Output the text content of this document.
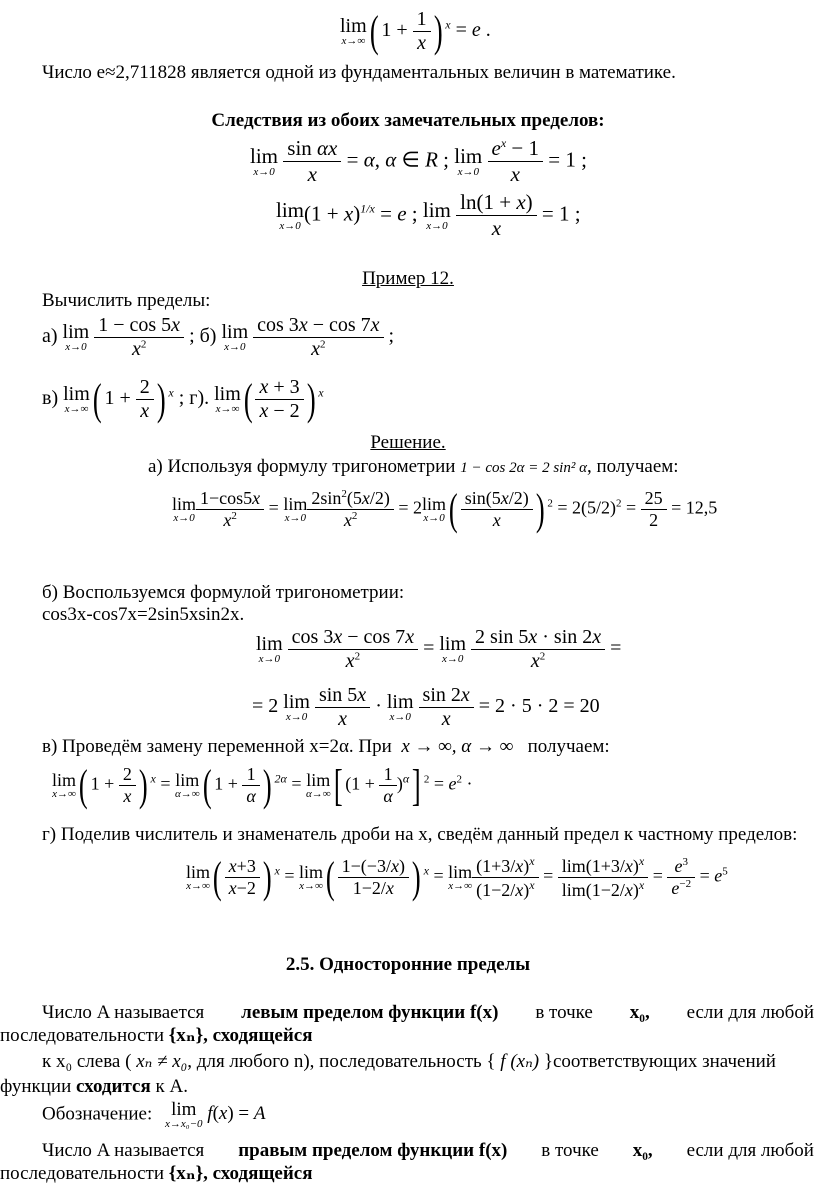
lim
x→∞ ( $1 + \frac{1}{x}$ ) $^x$ = e .
Число e≈2,711828 является одной из фундаментальных величин в математике.
Следствия из обоих замечательных пределов:
lim
x→0
$\frac{\text{sin αx}}{x} = \alpha$, α ∈ R ; lim
x→0
$\frac{e^x - 1}{x} = 1$ ;
lim
x→0
$(1 + x)^{1/x} = e$ ; lim
x→0
$\frac{\ln(1 + x)}{x} = 1$ ;
Пример 12.
Вычислить пределы:
а) lim
x→0
$\frac{1 - \cos 5x}{x^2}$ ; б) lim
x→0
$\frac{\cos 3x - \cos 7x}{x^2}$ ;
в) lim
x→∞ ( $1 + \frac{2}{x}$ ) $^x$ ; г). lim
x→∞ ( $\frac{x + 3}{x - 2}$ ) $^x$
Решение.
а) Используя формулу тригонометрии 1 − cos 2α = 2 sin² α, получаем:
lim
$x\to 0 \frac{1-\cos 5x}{x^2} = \lim$
$x\to 0 \frac{2\sin^2(5x/2)}{x^2} = 2$ lim
x→0 ( $\frac{\sin(5x/2)}{x}$ ) $^2 = 2(5/2)^2 = \frac{25}{2} = 12,5$
б) Воспользуемся формулой тригонометрии:
cos3x-cos7x=2sin5xsin2x.
lim
x→0
$\frac{\cos 3x - \cos 7x}{x^2} = \lim$
x→0
$\frac{2 \sin 5x \cdot \sin 2x}{x^2}$ =
= 2 lim
x→0
$\frac{\sin 5x}{x} \cdot \lim$
x→0
$\frac{\sin 2x}{x} = 2 \cdot 5 \cdot 2 = 20$
в) Проведём замену переменной x=2α. При x → ∞, α → ∞ получаем:
lim
x→∞ ( $1 + \frac{2}{x}$ ) $^x$ = lim
α→∞ ( $1 + \frac{1}{\alpha}$ ) $^{2\alpha}$ = lim
α→∞ [ $(1 + \frac{1}{\alpha} )^\alpha$] $^2 = e^2$ ·
г) Поделив числитель и знаменатель дроби на x, сведём данный предел к частному пределов:
lim
x→∞ ( $\frac{x+3}{x-2}$ ) $^x$ = lim
x→∞ ( $\frac{1-(-3/x)}{1-2/x}$ ) $^x$ = lim
$x\to\infty \frac{(1+3/x)^x}{(1-2/x)^x} = \frac{\lim(1+3/x)^x}{\lim(1-2/x)^x} = \frac{e^3}{e^{-2}} = e^5$
2.5. Односторонние пределы
Число A называется левым пределом функции f(x) в точке x₀, если для любой
последовательности {xₙ}, сходящейся
к x₀ слева ( xₙ ≠ x₀, для любого n), последовательность { f (xₙ) }соответствующих значений
функции сходится к A.
Обозначение: lim
x→x₀−0 f(x) = A
Число A называется правым пределом функции f(x) в точке x₀, если для любой
последовательности {xₙ}, сходящейся
